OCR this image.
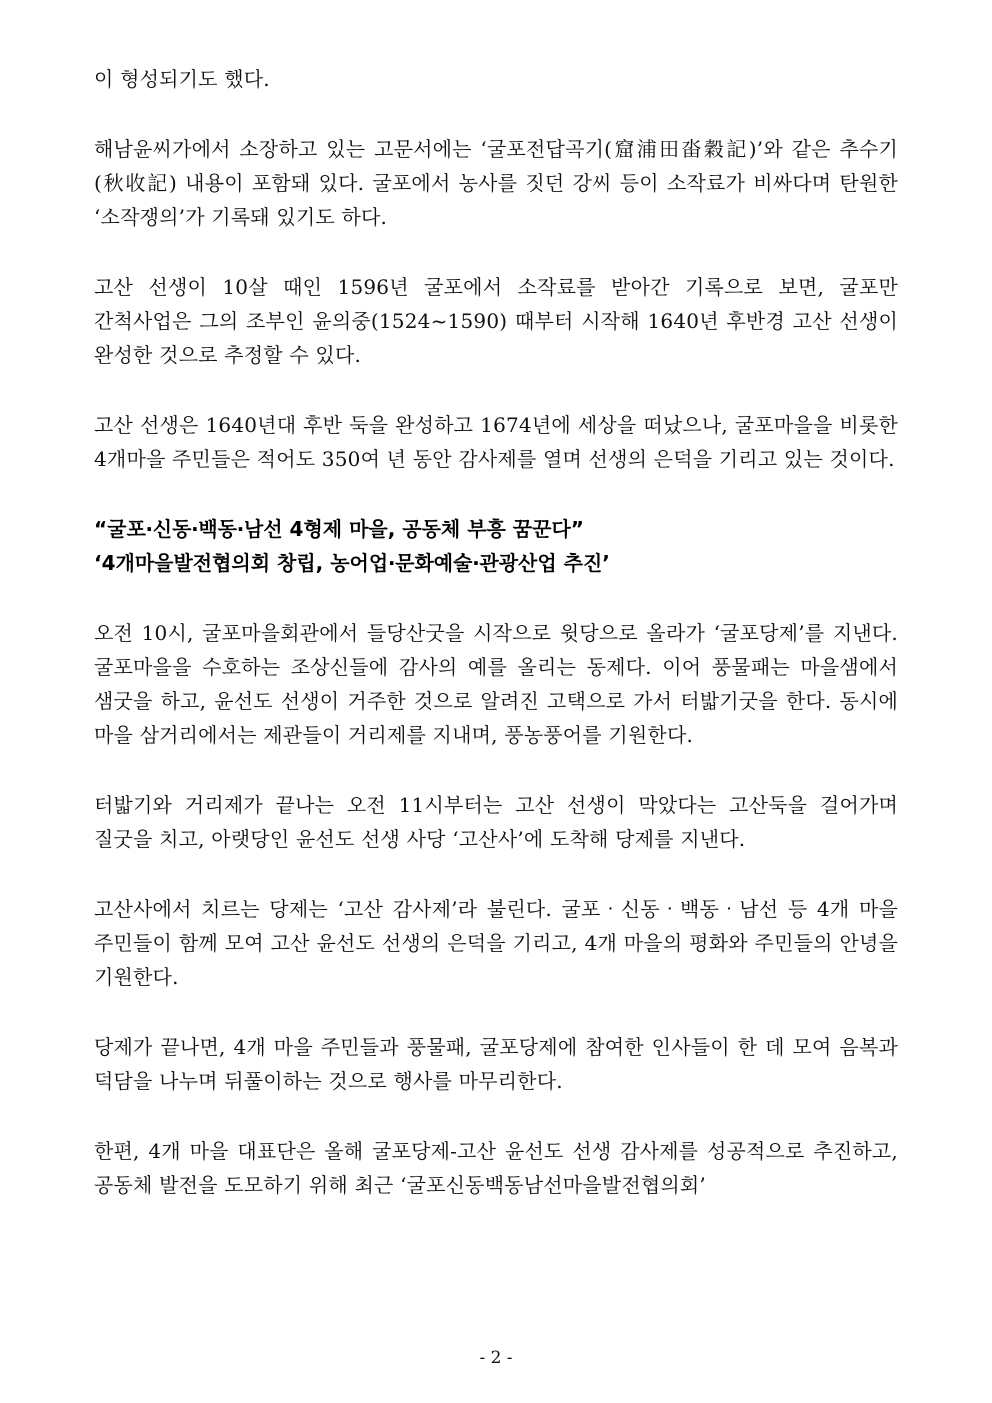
이 형성되기도 했다.

해남윤씨가에서 소장하고 있는 고문서에는 ‘굴포전답곡기(窟浦田畓穀記)’와 같은 추수기(秋收記) 내용이 포함돼 있다. 굴포에서 농사를 짓던 강씨 등이 소작료가 비싸다며 탄원한 ‘소작쟁의’가 기록돼 있기도 하다.

고산 선생이 10살 때인 1596년 굴포에서 소작료를 받아간 기록으로 보면, 굴포만 간척사업은 그의 조부인 윤의중(1524~1590) 때부터 시작해 1640년 후반경 고산 선생이 완성한 것으로 추정할 수 있다.

고산 선생은 1640년대 후반 둑을 완성하고 1674년에 세상을 떠났으나, 굴포마을을 비롯한 4개마을 주민들은 적어도 350여 년 동안 감사제를 열며 선생의 은덕을 기리고 있는 것이다.

“굴포‧신동‧백동‧남선 4형제 마을, 공동체 부흥 꿈꾼다”

‘4개마을발전협의회 창립, 농어업‧문화예술‧관광산업 추진’

오전 10시, 굴포마을회관에서 들당산굿을 시작으로 윗당으로 올라가 ‘굴포당제’를 지낸다. 굴포마을을 수호하는 조상신들에 감사의 예를 올리는 동제다. 이어 풍물패는 마을샘에서 샘굿을 하고, 윤선도 선생이 거주한 것으로 알려진 고택으로 가서 터밟기굿을 한다. 동시에 마을 삼거리에서는 제관들이 거리제를 지내며, 풍농풍어를 기원한다.

터밟기와 거리제가 끝나는 오전 11시부터는 고산 선생이 막았다는 고산둑을 걸어가며 질굿을 치고, 아랫당인 윤선도 선생 사당 ‘고산사’에 도착해 당제를 지낸다.

고산사에서 치르는 당제는 ‘고산 감사제’라 불린다. 굴포‧신동‧백동‧남선 등 4개 마을 주민들이 함께 모여 고산 윤선도 선생의 은덕을 기리고, 4개 마을의 평화와 주민들의 안녕을 기원한다.

당제가 끝나면, 4개 마을 주민들과 풍물패, 굴포당제에 참여한 인사들이 한 데 모여 음복과 덕담을 나누며 뒤풀이하는 것으로 행사를 마무리한다.

한편, 4개 마을 대표단은 올해 굴포당제-고산 윤선도 선생 감사제를 성공적으로 추진하고, 공동체 발전을 도모하기 위해 최근 ‘굴포신동백동남선마을발전협의회’

- 2 -
